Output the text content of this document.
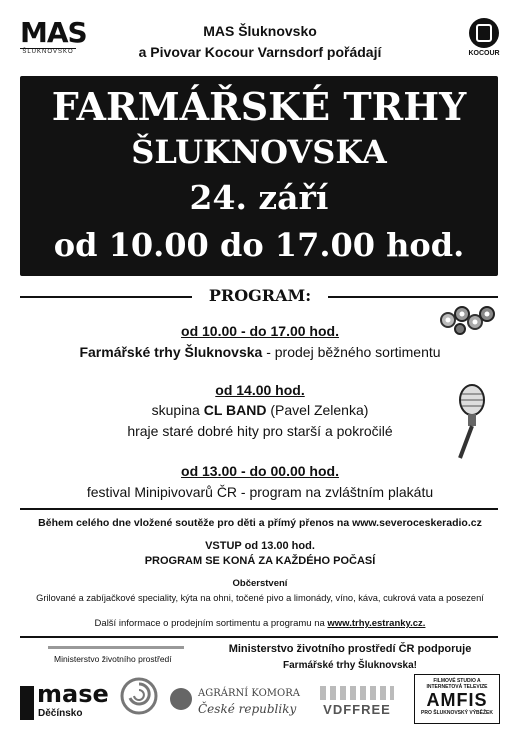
MAS
ŠLUKNOVSKO
MAS Šluknovsko
a Pivovar Kocour Varnsdorf pořádají	KOCOUR
FARMÁŘSKÉ TRHY
ŠLUKNOVSKA
24. září
od 10.00 do 17.00 hod.
PROGRAM:
od 10.00 - do 17.00 hod.
Farmářské trhy Šluknovska - prodej běžného sortimentu
od 14.00 hod.
skupina CL BAND (Pavel Zelenka)
hraje staré dobré hity pro starší a pokročilé
od 13.00 - do 00.00 hod.
festival Minipivovarů ČR - program na zvláštním plakátu
Během celého dne vložené soutěže pro děti a přímý přenos na www.severoceskeradio.cz
VSTUP od 13.00 hod.
PROGRAM SE KONÁ ZA KAŽDÉHO POČASÍ
Občerstvení
Grilované a zabíjačkové speciality, kýta na ohni, točené pivo a limonády, víno, káva, cukrová vata a posezení
Další informace o prodejním sortimentu a programu na www.trhy.estranky.cz.
Ministerstvo životního prostředí
Ministerstvo životního prostředí ČR podporuje
Farmářské trhy Šluknovska!
mase
Děčínsko
AGRÁRNÍ KOMORA
České republiky	VDFFREE
FILMOVÉ STUDIO A INTERNETOVÁ TELEVIZE
AMFIS
PRO ŠLUKNOVSKÝ VÝBĚŽEK
